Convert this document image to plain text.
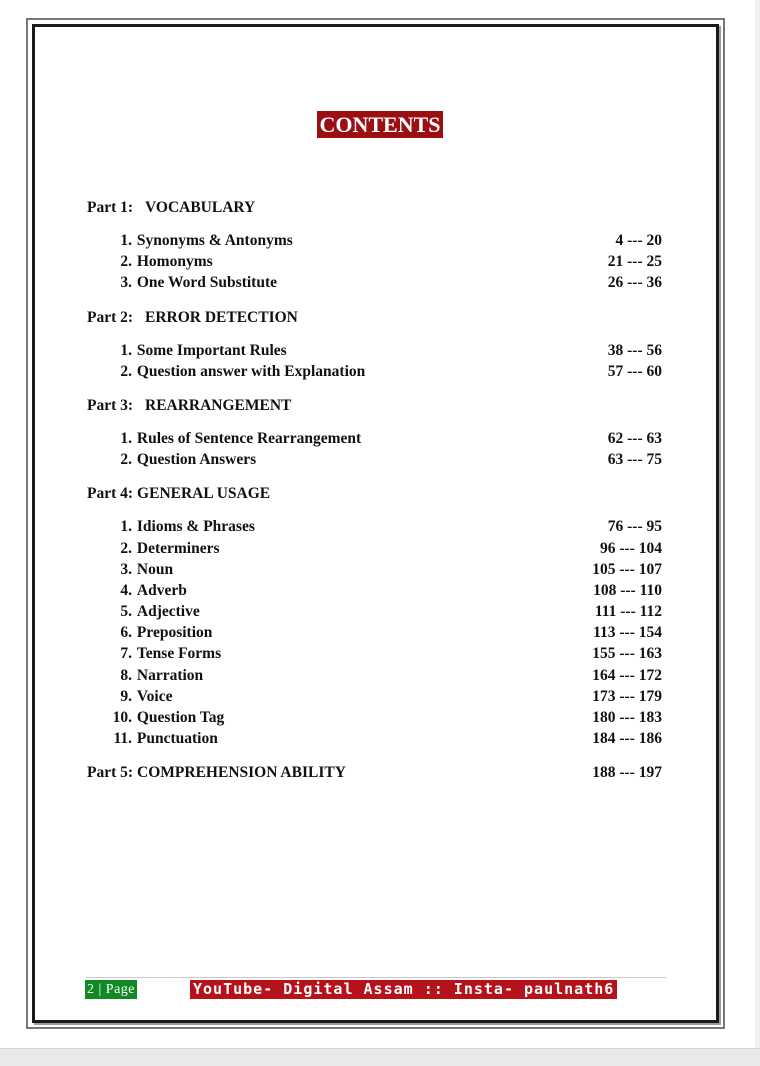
CONTENTS
Part 1: VOCABULARY
1. Synonyms & Antonyms	4 --- 20
2. Homonyms	21 --- 25
3. One Word Substitute	26 --- 36
Part 2: ERROR DETECTION
1. Some Important Rules	38 --- 56
2. Question answer with Explanation	57 --- 60
Part 3: REARRANGEMENT
1. Rules of Sentence Rearrangement	62 --- 63
2. Question Answers	63 --- 75
Part 4: GENERAL USAGE
1. Idioms & Phrases	76 --- 95
2. Determiners	96 --- 104
3. Noun	105 --- 107
4. Adverb	108 --- 110
5. Adjective	111 --- 112
6. Preposition	113 --- 154
7. Tense Forms	155 --- 163
8. Narration	164 --- 172
9. Voice	173 --- 179
10. Question Tag	180 --- 183
11. Punctuation	184 --- 186
Part 5: COMPREHENSION ABILITY	188 --- 197
2 | Page	YouTube- Digital Assam :: Insta- paulnath6
